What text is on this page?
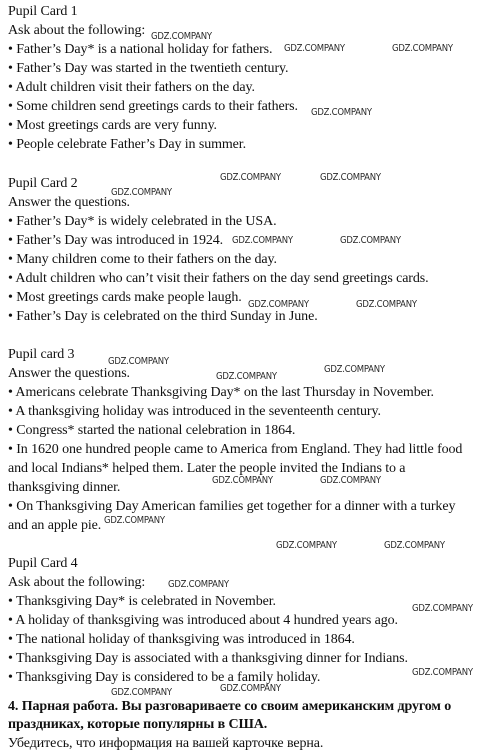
Pupil Card 1
Ask about the following:
• Father’s Day* is a national holiday for fathers.
• Father’s Day was started in the twentieth century.
• Adult children visit their fathers on the day.
• Some children send greetings cards to their fathers.
• Most greetings cards are very funny.
• People celebrate Father’s Day in summer.
Pupil Card 2
Answer the questions.
• Father’s Day* is widely celebrated in the USA.
• Father’s Day was introduced in 1924.
• Many children come to their fathers on the day.
• Adult children who can’t visit their fathers on the day send greetings cards.
• Most greetings cards make people laugh.
• Father’s Day is celebrated on the third Sunday in June.
Pupil card 3
Answer the questions.
• Americans celebrate Thanksgiving Day* on the last Thursday in November.
• A thanksgiving holiday was introduced in the seventeenth century.
• Congress* started the national celebration in 1864.
• In 1620 one hundred people came to America from England. They had little food
and local Indians* helped them. Later the people invited the Indians to a
thanksgiving dinner.
• On Thanksgiving Day American families get together for a dinner with a turkey
and an apple pie.
Pupil Card 4
Ask about the following:
• Thanksgiving Day* is celebrated in November.
• A holiday of thanksgiving was introduced about 4 hundred years ago.
• The national holiday of thanksgiving was introduced in 1864.
• Thanksgiving Day is associated with a thanksgiving dinner for Indians.
• Thanksgiving Day is considered to be a family holiday.
4. Парная работа. Вы разговариваете со своим американским другом о
праздниках, которые популярны в США.
Убедитесь, что информация на вашей карточке верна.
GDZ.COMPANY
GDZ.COMPANY	GDZ.COMPANY
GDZ.COMPANY
GDZ.COMPANY	GDZ.COMPANY
GDZ.COMPANY
GDZ.COMPANY	GDZ.COMPANY
GDZ.COMPANY	GDZ.COMPANY
GDZ.COMPANY
GDZ.COMPANY
GDZ.COMPANY
GDZ.COMPANY	GDZ.COMPANY
GDZ.COMPANY
GDZ.COMPANY	GDZ.COMPANY
GDZ.COMPANY
GDZ.COMPANY
GDZ.COMPANY
GDZ.COMPANY
GDZ.COMPANY
